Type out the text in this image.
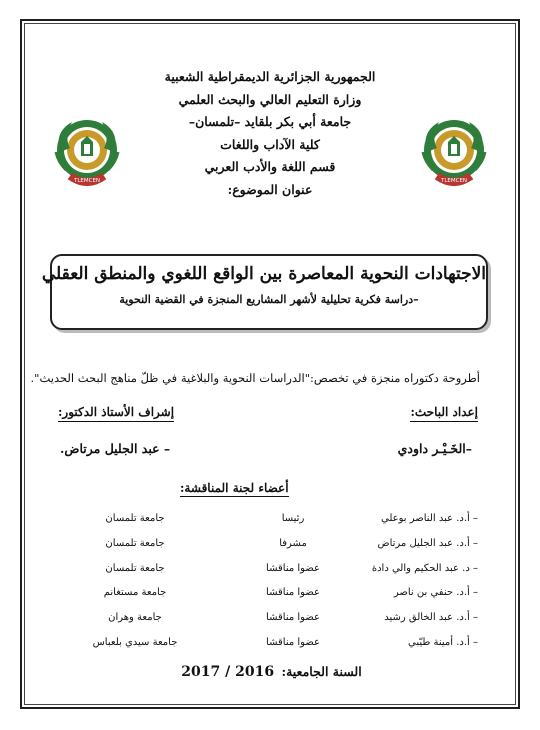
الجمهورية الجزائرية الديمقراطية الشعبية
وزارة التعليم العالي والبحث العلمي
جامعة أبي بكر بلقايد –تلمسان–
كلية الآداب واللغات
قسم اللغة والأدب العربي
عنوان الموضوع:
TLEMCEN	TLEMCEN
الاجتهادات النحوية المعاصرة بين الواقع اللغوي والمنطق العقلي
–دراسة فكرية تحليلية لأشهر المشاريع المنجزة في القضية النحوية
أطروحة دكتوراه منجزة في تخصص:"الدراسات النحوية والبلاغية في ظلّ مناهج البحث الحديث".
إعداد الباحث:
إشراف الأستاذ الدكتور:
–الخَـيْـر داودي
– عبد الجليل مرتاض.
أعضاء لجنة المناقشة:
– أ.د. عبد الناصر بوعلي
رئيسا
جامعة تلمسان
– أ.د. عبد الجليل مرتاض
مشرفا
جامعة تلمسان
– د. عبد الحكيم والي دادة
عضوا مناقشا
جامعة تلمسان
– أ.د. حنفي بن ناصر
عضوا مناقشا
جامعة مستغانم
– أ.د. عبد الخالق رشيد
عضوا مناقشا
جامعة وهران
– أ.د. أمينة طيّبي
عضوا مناقشا
جامعة سيدي بلعباس
السنة الجامعية: 2016 / 2017
